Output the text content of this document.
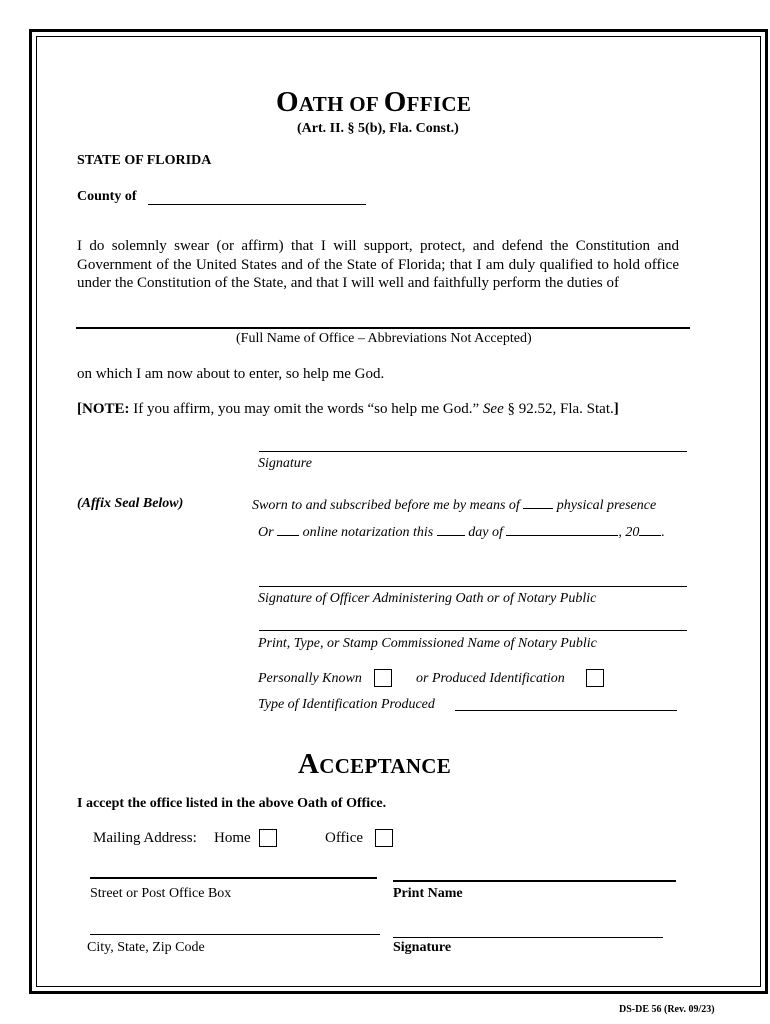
OATH OF OFFICE
(Art. II. § 5(b), Fla. Const.)
STATE OF FLORIDA
County of
I do solemnly swear (or affirm) that I will support, protect, and defend the Constitution and Government of the United States and of the State of Florida; that I am duly qualified to hold office under the Constitution of the State, and that I will well and faithfully perform the duties of
(Full Name of Office – Abbreviations Not Accepted)
on which I am now about to enter, so help me God.
[NOTE: If you affirm, you may omit the words “so help me God.” See § 92.52, Fla. Stat.]
Signature
(Affix Seal Below)	Sworn to and subscribed before me by means of  physical presence
Or  online notarization this  day of	, 20 .
Signature of Officer Administering Oath or of Notary Public
Print, Type, or Stamp Commissioned Name of Notary Public
Personally Known	or Produced Identification
Type of Identification Produced
ACCEPTANCE
I accept the office listed in the above Oath of Office.
Mailing Address: Home	Office
Street or Post Office Box	Print Name
City, State, Zip Code	Signature
DS-DE 56 (Rev. 09/23)
